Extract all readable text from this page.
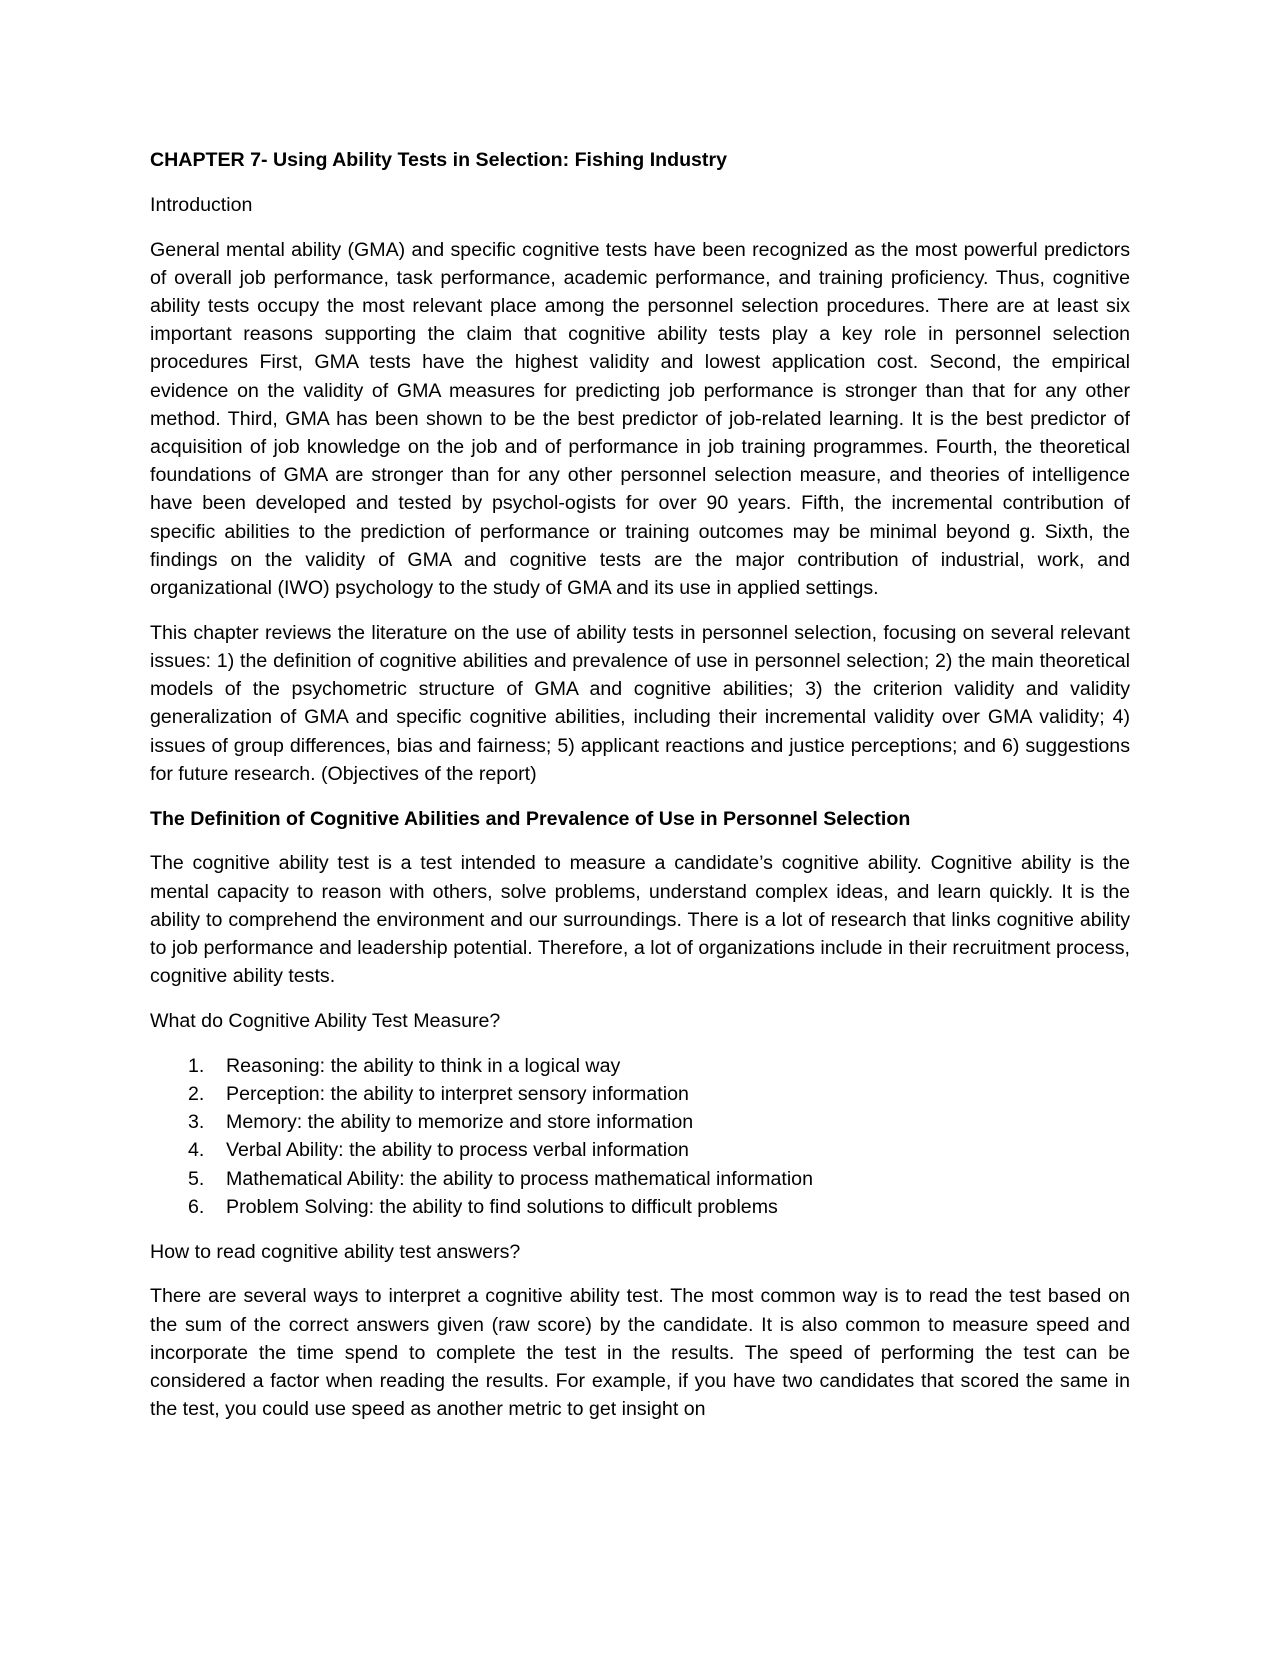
CHAPTER 7- Using Ability Tests in Selection: Fishing Industry

Introduction

General mental ability (GMA) and specific cognitive tests have been recognized as the most powerful predictors of overall job performance, task performance, academic performance, and training proficiency. Thus, cognitive ability tests occupy the most relevant place among the personnel selection procedures. There are at least six important reasons supporting the claim that cognitive ability tests play a key role in personnel selection procedures First, GMA tests have the highest validity and lowest application cost. Second, the empirical evidence on the validity of GMA measures for predicting job performance is stronger than that for any other method. Third, GMA has been shown to be the best predictor of job-related learning. It is the best predictor of acquisition of job knowledge on the job and of performance in job training programmes. Fourth, the theoretical foundations of GMA are stronger than for any other personnel selection measure, and theories of intelligence have been developed and tested by psychol-ogists for over 90 years. Fifth, the incremental contribution of specific abilities to the prediction of performance or training outcomes may be minimal beyond g. Sixth, the findings on the validity of GMA and cognitive tests are the major contribution of industrial, work, and organizational (IWO) psychology to the study of GMA and its use in applied settings.

This chapter reviews the literature on the use of ability tests in personnel selection, focusing on several relevant issues: 1) the definition of cognitive abilities and prevalence of use in personnel selection; 2) the main theoretical models of the psychometric structure of GMA and cognitive abilities; 3) the criterion validity and validity generalization of GMA and specific cognitive abilities, including their incremental validity over GMA validity; 4) issues of group differences, bias and fairness; 5) applicant reactions and justice perceptions; and 6) suggestions for future research. (Objectives of the report)

The Definition of Cognitive Abilities and Prevalence of Use in Personnel Selection

The cognitive ability test is a test intended to measure a candidate’s cognitive ability. Cognitive ability is the mental capacity to reason with others, solve problems, understand complex ideas, and learn quickly. It is the ability to comprehend the environment and our surroundings. There is a lot of research that links cognitive ability to job performance and leadership potential. Therefore, a lot of organizations include in their recruitment process, cognitive ability tests.

What do Cognitive Ability Test Measure?

1. Reasoning: the ability to think in a logical way
2. Perception: the ability to interpret sensory information
3. Memory: the ability to memorize and store information
4. Verbal Ability: the ability to process verbal information
5. Mathematical Ability: the ability to process mathematical information
6. Problem Solving: the ability to find solutions to difficult problems

How to read cognitive ability test answers?

There are several ways to interpret a cognitive ability test. The most common way is to read the test based on the sum of the correct answers given (raw score) by the candidate. It is also common to measure speed and incorporate the time spend to complete the test in the results. The speed of performing the test can be considered a factor when reading the results. For example, if you have two candidates that scored the same in the test, you could use speed as another metric to get insight on
